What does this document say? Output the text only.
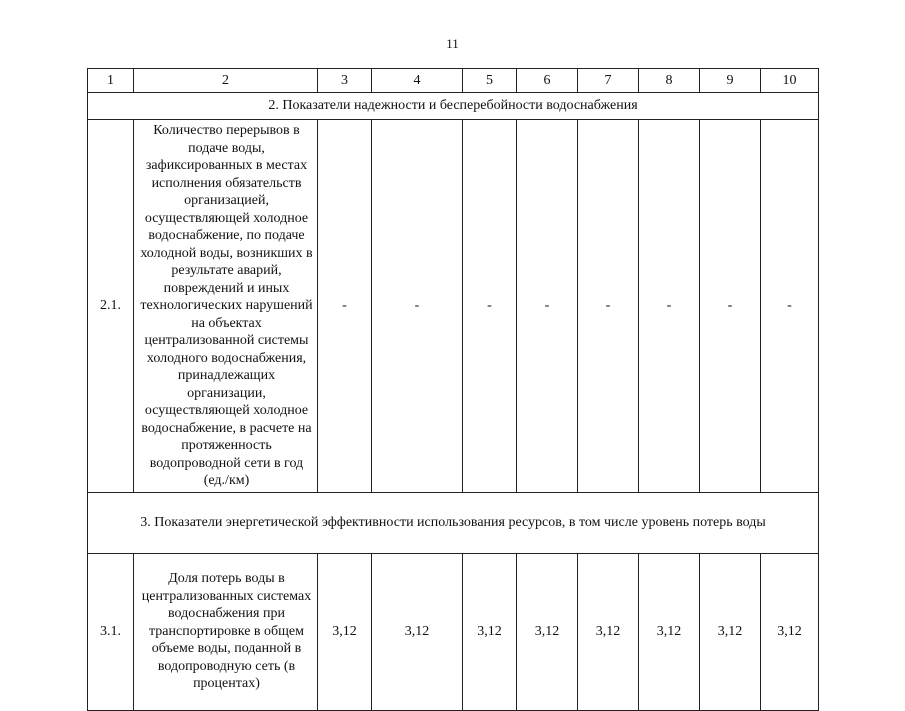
11
1	2	3	4	5	6	7	8	9	10

2. Показатели надежности и бесперебойности водоснабжения									

2.1.	Количество перерывов в подаче воды, зафиксированных в местах исполнения обязательств организацией, осуществляющей холодное водоснабжение, по подаче холодной воды, возникших в результате аварий, повреждений и иных технологических нарушений на объектах централизованной системы холодного водоснабжения, принадлежащих организации, осуществляющей холодное водоснабжение, в расчете на протяженность водопроводной сети в год (ед./км)	-	-	-	-	-	-	-	-

3. Показатели энергетической эффективности использования ресурсов, в том числе уровень потерь воды									

3.1.	Доля потерь воды в централизованных системах водоснабжения при транспортировке в общем объеме воды, поданной в водопроводную сеть (в процентах)	3,12	3,12	3,12	3,12	3,12	3,12	3,12	3,12
